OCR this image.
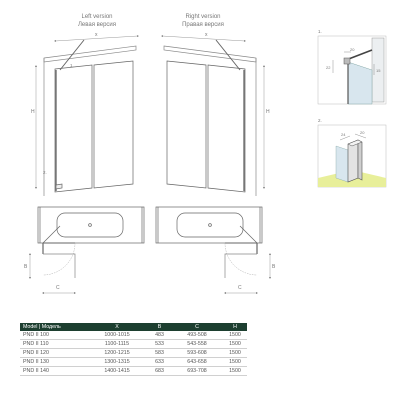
Left version
Левая версия
Right version
Правая версия
x
H
1.
2.
x
H
B
C
B
C
1.
20
22
15
2.
24	20
Model | Модель	X	B	C	H
PND II 100	1000-1015	483	493-508	1500
PND II 110	1100-1115	533	543-558	1500
PND II 120	1200-1215	583	593-608	1500
PND II 130	1300-1315	633	643-658	1500
PND II 140	1400-1415	683	693-708	1500
